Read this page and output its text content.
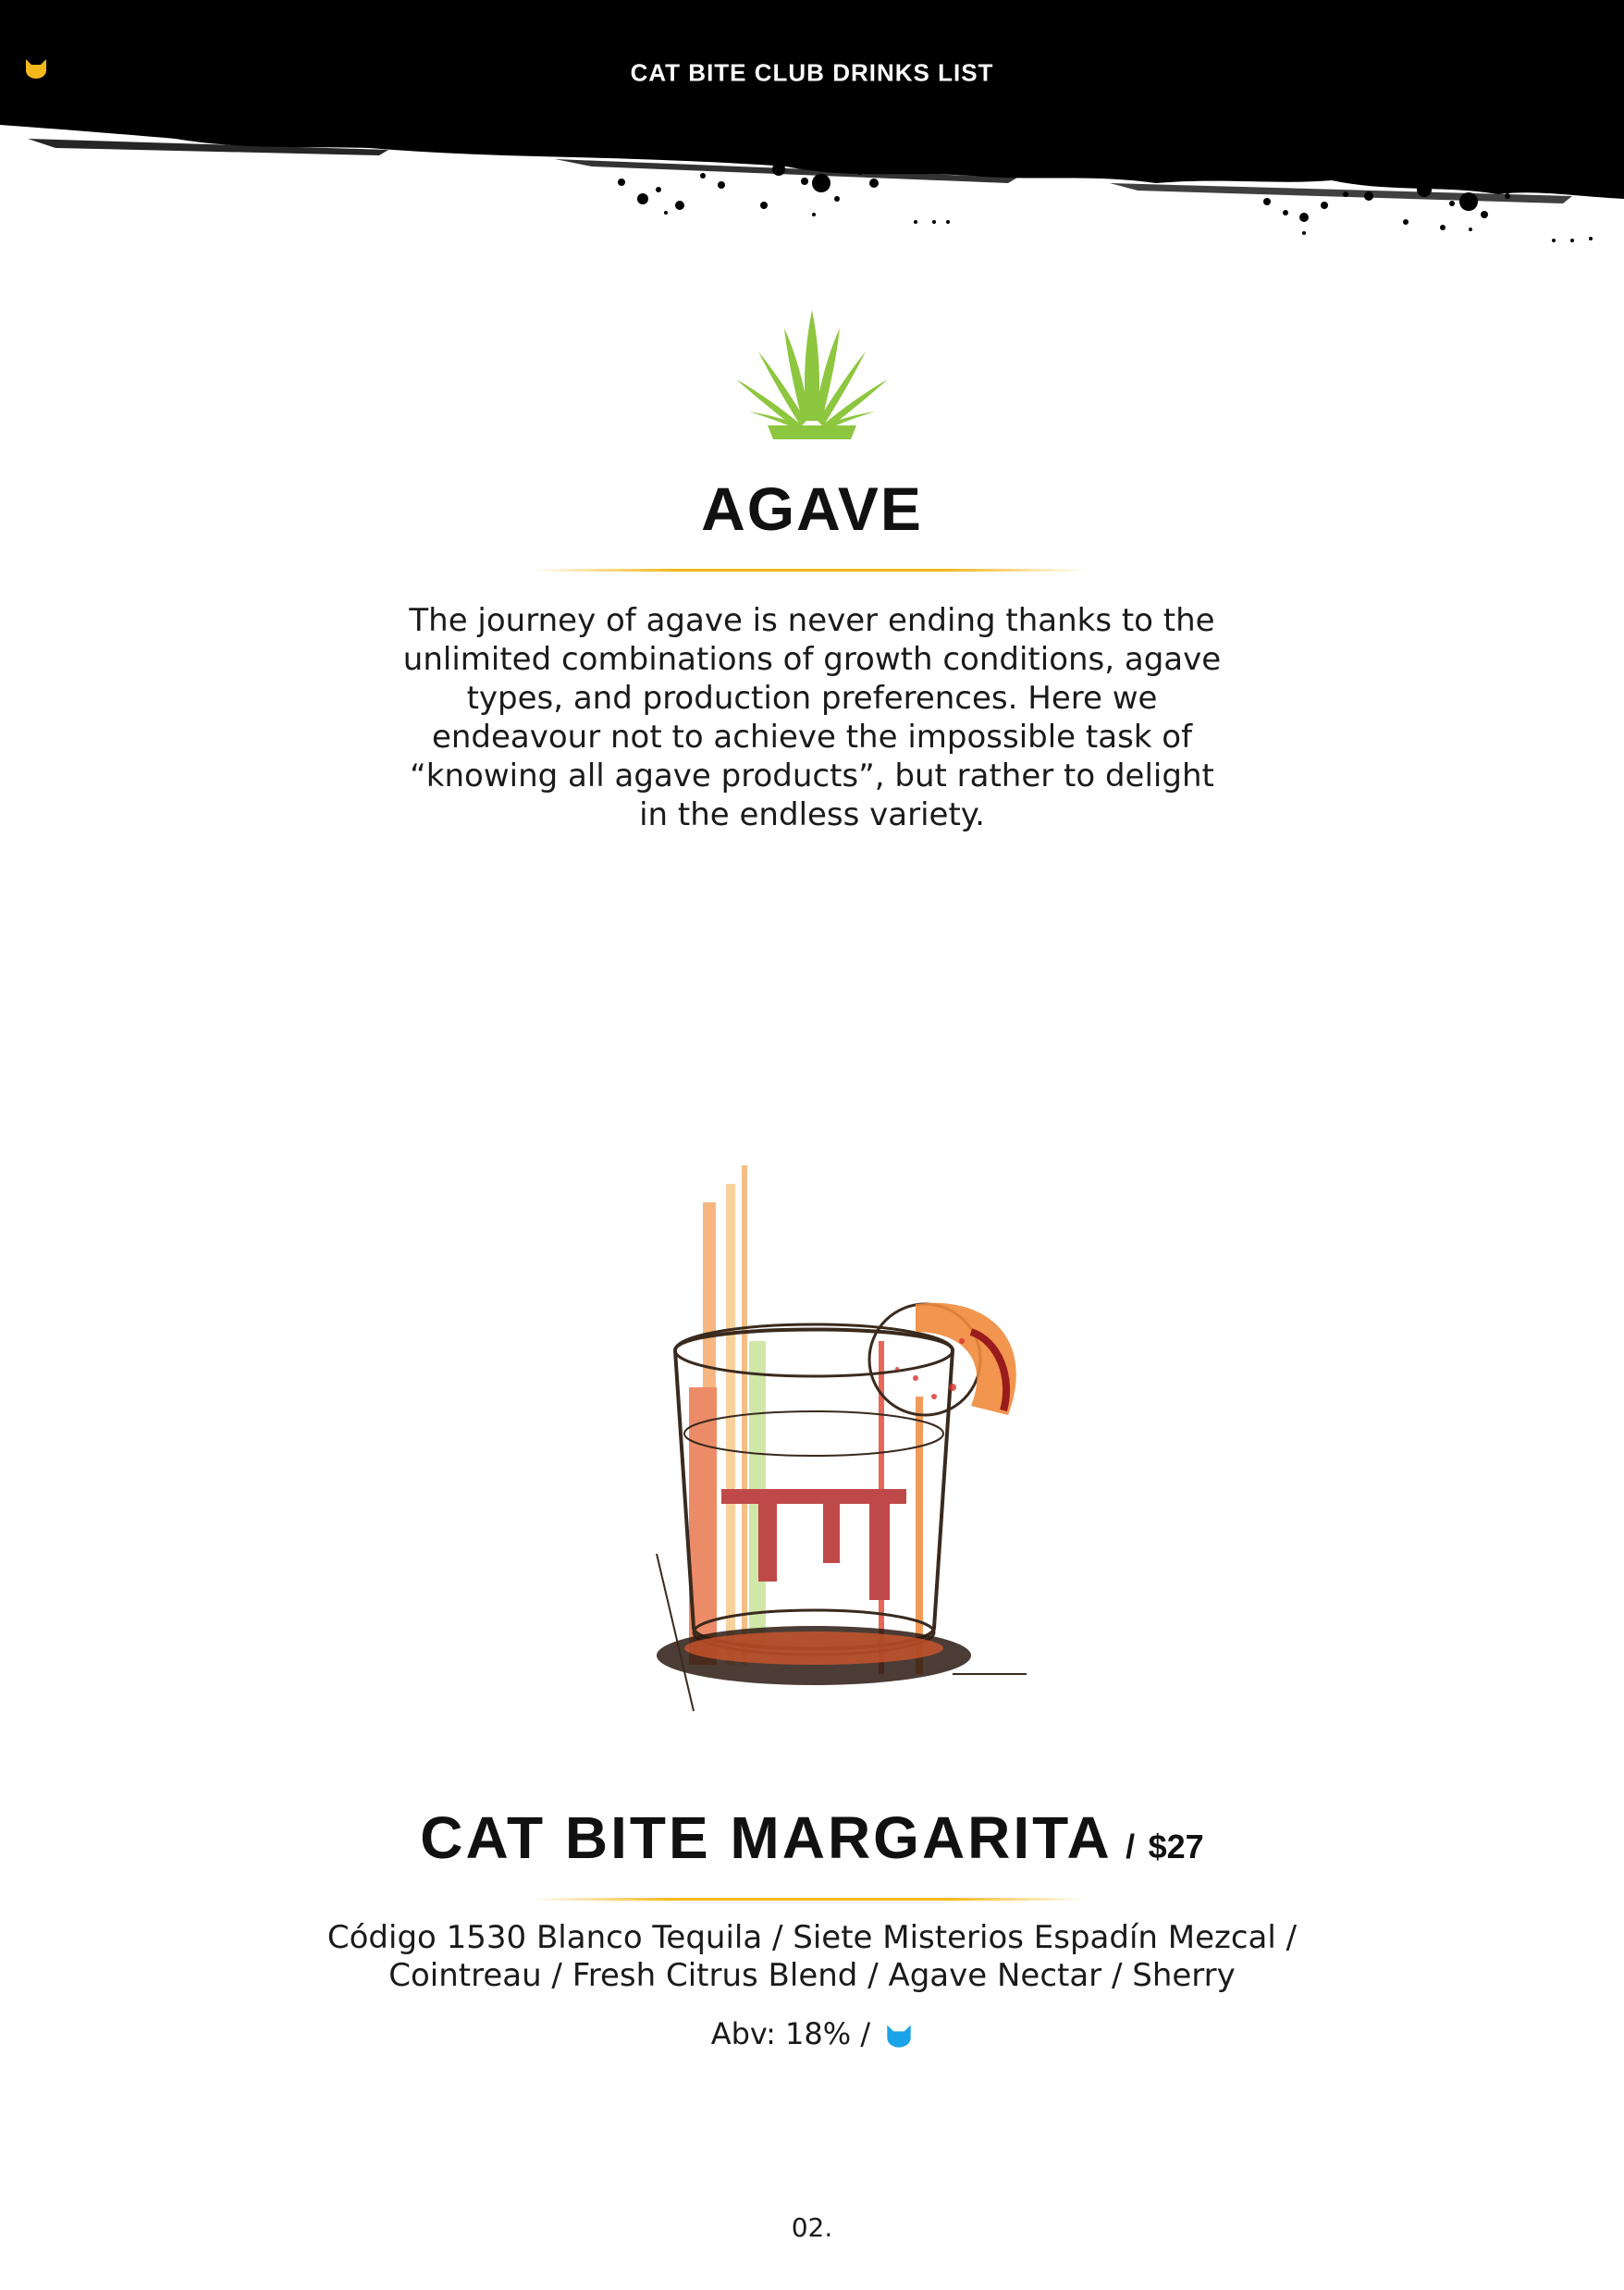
CAT BITE CLUB DRINKS LIST
AGAVE
The journey of agave is never ending thanks to the unlimited combinations of growth conditions, agave types, and production preferences. Here we endeavour not to achieve the impossible task of “knowing all agave products”, but rather to delight in the endless variety.
CAT BITE MARGARITA / $27
Código 1530 Blanco Tequila / Siete Misterios Espadín Mezcal /
Cointreau / Fresh Citrus Blend / Agave Nectar / Sherry
Abv: 18% /
02.
